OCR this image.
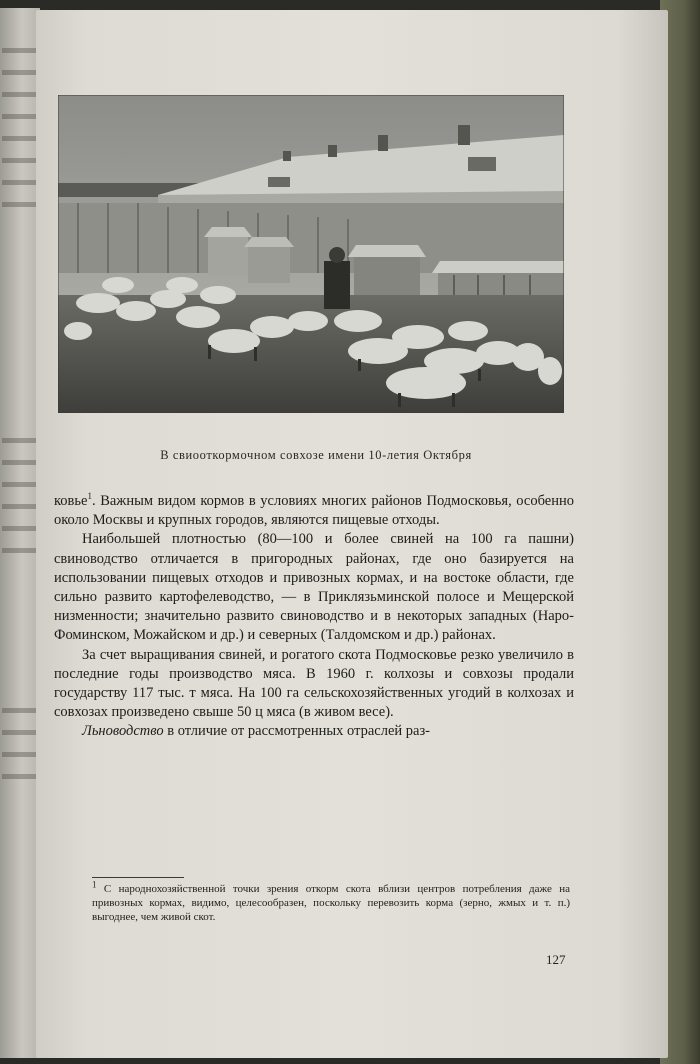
В свиооткормочном совхозе имени 10-летия Октября

ковье$^1$. Важным видом кормов в условиях многих районов Подмосковья, особенно около Москвы и крупных городов, являются пищевые отходы.

Наибольшей плотностью (80—100 и более свиней на 100 га пашни) свиноводство отличается в пригородных районах, где оно базируется на использовании пищевых отходов и привозных кормах, и на востоке области, где сильно развито картофелеводство, — в Приклязьминской полосе и Мещерской низменности; значительно развито свиноводство и в некоторых западных (Наро-Фоминском, Можайском и др.) и северных (Талдомском и др.) районах.

За счет выращивания свиней, и рогатого скота Подмосковье резко увеличило в последние годы производство мяса. В 1960 г. колхозы и совхозы продали государству 117 тыс. т мяса. На 100 га сельскохозяйственных угодий в колхозах и совхозах произведено свыше 50 ц мяса (в живом весе).

Льноводство в отличие от рассмотренных отраслей раз-

$^1$ С народнохозяйственной точки зрения откорм скота вблизи центров потребления даже на привозных кормах, видимо, целесообразен, поскольку перевозить корма (зерно, жмых и т. п.) выгоднее, чем живой скот.
127
